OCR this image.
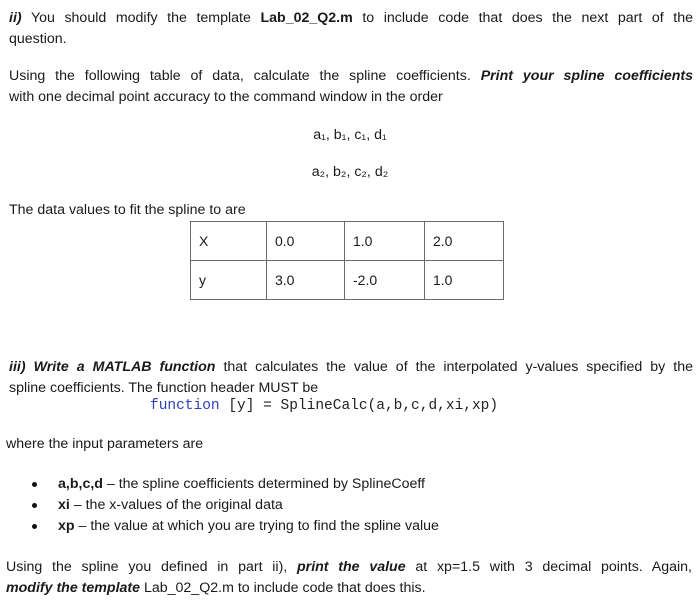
ii) You should modify the template Lab_02_Q2.m to include code that does the next part of the
question.
Using the following table of data, calculate the spline coefficients. Print your spline coefficients
with one decimal point accuracy to the command window in the order
a₁, b₁, c₁, d₁
a₂, b₂, c₂, d₂
The data values to fit the spline to are
X	0.0	1.0	2.0
y	3.0	-2.0	1.0
iii) Write a MATLAB function that calculates the value of the interpolated y-values specified by the
spline coefficients. The function header MUST be
function [y] = SplineCalc(a,b,c,d,xi,xp)
where the input parameters are
a,b,c,d – the spline coefficients determined by SplineCoeff
xi – the x-values of the original data
xp – the value at which you are trying to find the spline value
Using the spline you defined in part ii), print the value at xp=1.5 with 3 decimal points. Again,
modify the template Lab_02_Q2.m to include code that does this.
